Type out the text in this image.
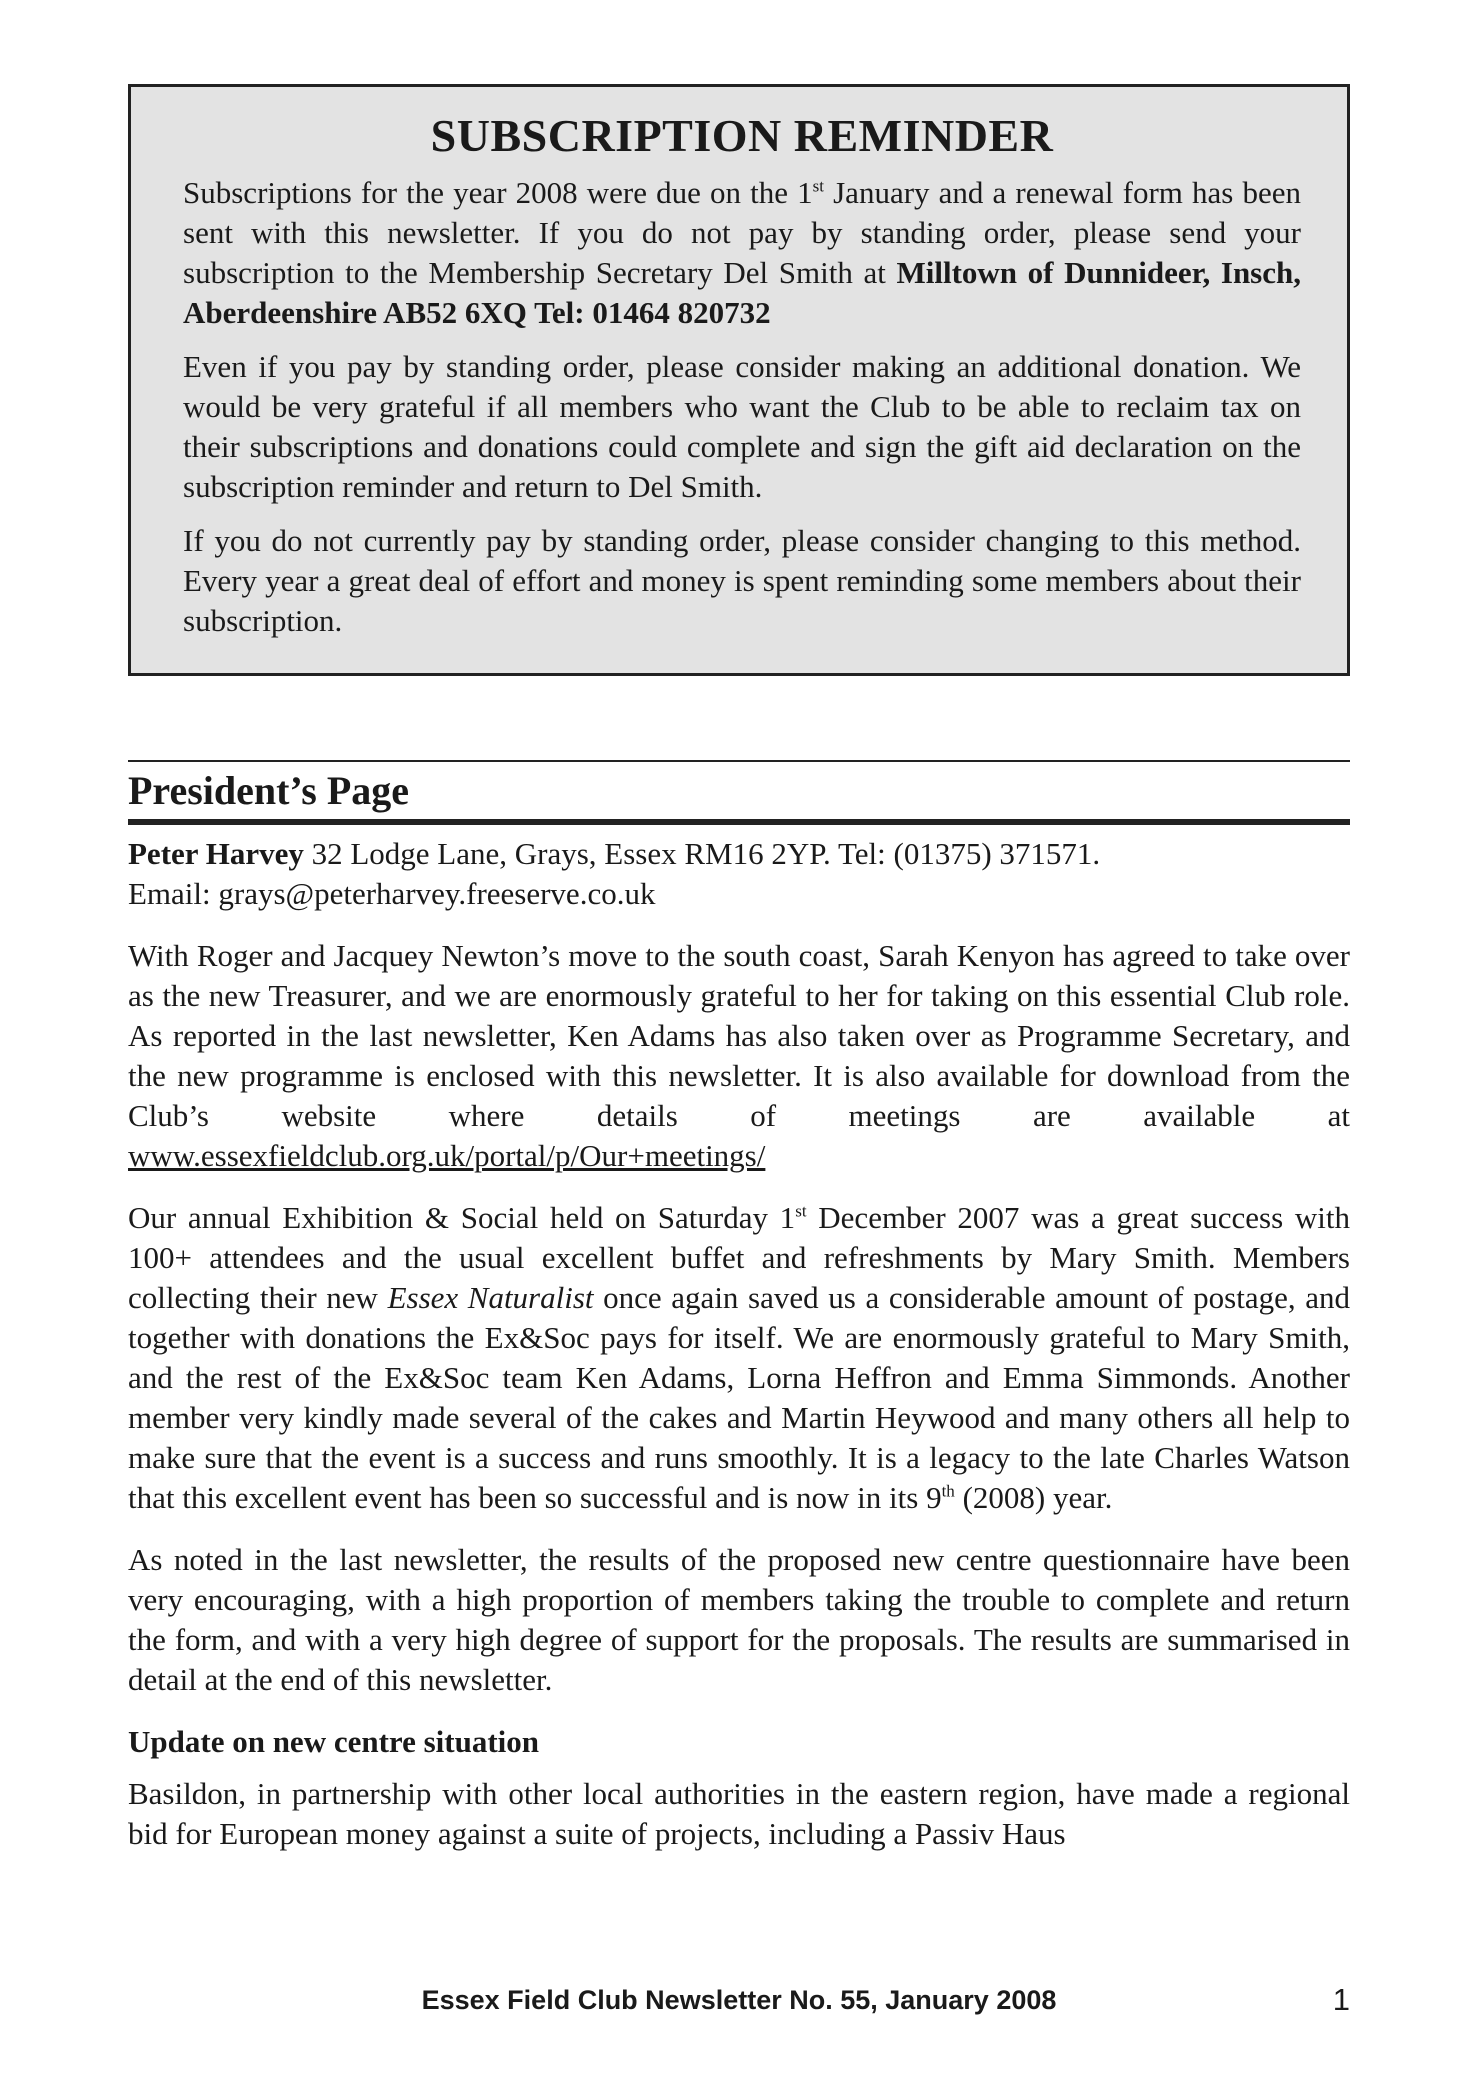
SUBSCRIPTION REMINDER

Subscriptions for the year 2008 were due on the 1st January and a renewal form has been sent with this newsletter. If you do not pay by standing order, please send your subscription to the Membership Secretary Del Smith at Milltown of Dunnideer, Insch, Aberdeenshire AB52 6XQ Tel: 01464 820732

Even if you pay by standing order, please consider making an additional donation. We would be very grateful if all members who want the Club to be able to reclaim tax on their subscriptions and donations could complete and sign the gift aid declaration on the subscription reminder and return to Del Smith.

If you do not currently pay by standing order, please consider changing to this method. Every year a great deal of effort and money is spent reminding some members about their subscription.

President’s Page

Peter Harvey 32 Lodge Lane, Grays, Essex RM16 2YP. Tel: (01375) 371571.
Email: grays@peterharvey.freeserve.co.uk

With Roger and Jacquey Newton’s move to the south coast, Sarah Kenyon has agreed to take over as the new Treasurer, and we are enormously grateful to her for taking on this essential Club role. As reported in the last newsletter, Ken Adams has also taken over as Programme Secretary, and the new programme is enclosed with this newsletter. It is also available for download from the Club’s website where details of meetings are available at www.essexfieldclub.org.uk/portal/p/Our+meetings/

Our annual Exhibition & Social held on Saturday 1st December 2007 was a great success with 100+ attendees and the usual excellent buffet and refreshments by Mary Smith. Members collecting their new Essex Naturalist once again saved us a considerable amount of postage, and together with donations the Ex&Soc pays for itself. We are enormously grateful to Mary Smith, and the rest of the Ex&Soc team Ken Adams, Lorna Heffron and Emma Simmonds. Another member very kindly made several of the cakes and Martin Heywood and many others all help to make sure that the event is a success and runs smoothly. It is a legacy to the late Charles Watson that this excellent event has been so successful and is now in its 9th (2008) year.

As noted in the last newsletter, the results of the proposed new centre questionnaire have been very encouraging, with a high proportion of members taking the trouble to complete and return the form, and with a very high degree of support for the proposals. The results are summarised in detail at the end of this newsletter.

Update on new centre situation

Basildon, in partnership with other local authorities in the eastern region, have made a regional bid for European money against a suite of projects, including a Passiv Haus

Essex Field Club Newsletter No. 55, January 2008	1
